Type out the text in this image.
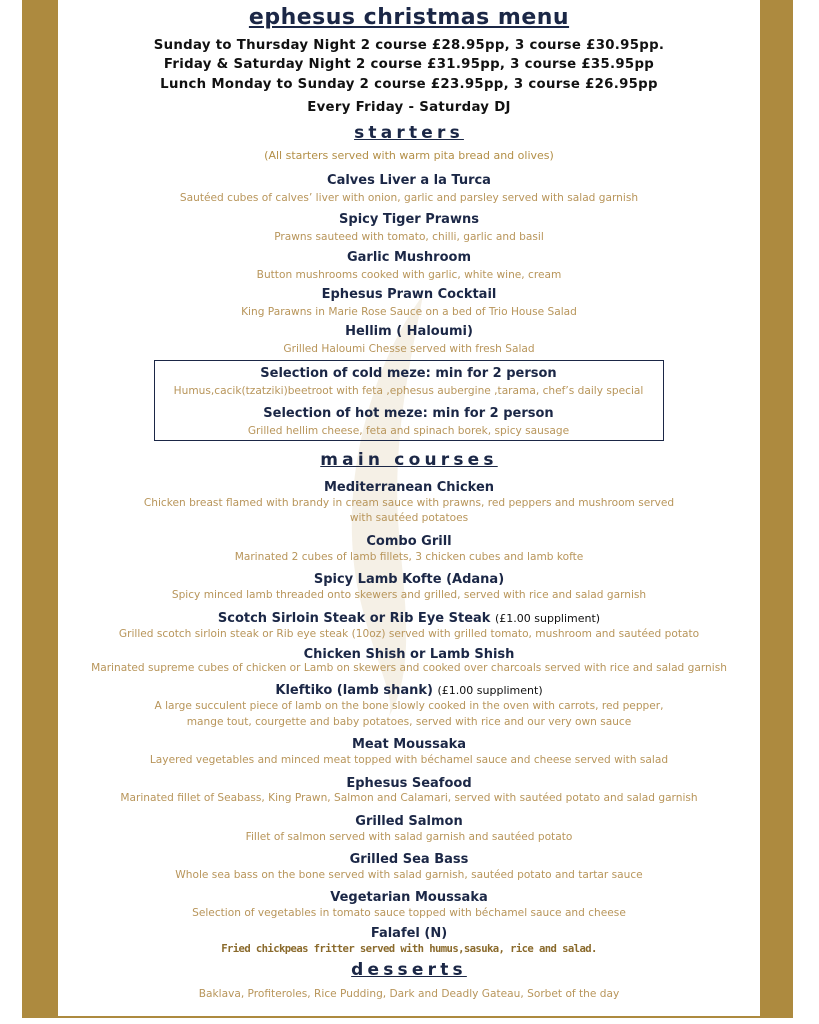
ephesus christmas menu
Sunday to Thursday Night 2 course £28.95pp, 3 course £30.95pp.
Friday & Saturday Night 2 course £31.95pp, 3 course £35.95pp
Lunch Monday to Sunday 2 course £23.95pp, 3 course £26.95pp
Every Friday - Saturday DJ
starters
(All starters served with warm pita bread and olives)
Calves Liver a la Turca
Sautéed cubes of calves’ liver with onion, garlic and parsley served with salad garnish
Spicy Tiger Prawns
Prawns sauteed with tomato, chilli, garlic and basil
Garlic Mushroom
Button mushrooms cooked with garlic, white wine, cream
Ephesus Prawn Cocktail
King Parawns in Marie Rose Sauce on a bed of Trio House Salad
Hellim ( Haloumi)
Grilled Haloumi Chesse served with fresh Salad
Selection of cold meze: min for 2 person
Humus,cacik(tzatziki)beetroot with feta ,ephesus aubergine ,tarama, chef’s daily special
Selection of hot meze: min for 2 person
Grilled hellim cheese, feta and spinach borek, spicy sausage
main courses
Mediterranean Chicken
Chicken breast flamed with brandy in cream sauce with prawns, red peppers and mushroom served
with sautéed potatoes
Combo Grill
Marinated 2 cubes of lamb fillets, 3 chicken cubes and lamb kofte
Spicy Lamb Kofte (Adana)
Spicy minced lamb threaded onto skewers and grilled, served with rice and salad garnish
Scotch Sirloin Steak or Rib Eye Steak (£1.00 suppliment)
Grilled scotch sirloin steak or Rib eye steak (10oz) served with grilled tomato, mushroom and sautéed potato
Chicken Shish or Lamb Shish
Marinated supreme cubes of chicken or Lamb on skewers and cooked over charcoals served with rice and salad garnish
Kleftiko (lamb shank) (£1.00 suppliment)
A large succulent piece of lamb on the bone slowly cooked in the oven with carrots, red pepper,
mange tout, courgette and baby potatoes, served with rice and our very own sauce
Meat Moussaka
Layered vegetables and minced meat topped with béchamel sauce and cheese served with salad
Ephesus Seafood
Marinated fillet of Seabass, King Prawn, Salmon and Calamari, served with sautéed potato and salad garnish
Grilled Salmon
Fillet of salmon served with salad garnish and sautéed potato
Grilled Sea Bass
Whole sea bass on the bone served with salad garnish, sautéed potato and tartar sauce
Vegetarian Moussaka
Selection of vegetables in tomato sauce topped with béchamel sauce and cheese
Falafel (N)
Fried chickpeas fritter served with humus,sasuka, rice and salad.
desserts
Baklava, Profiteroles, Rice Pudding, Dark and Deadly Gateau, Sorbet of the day
